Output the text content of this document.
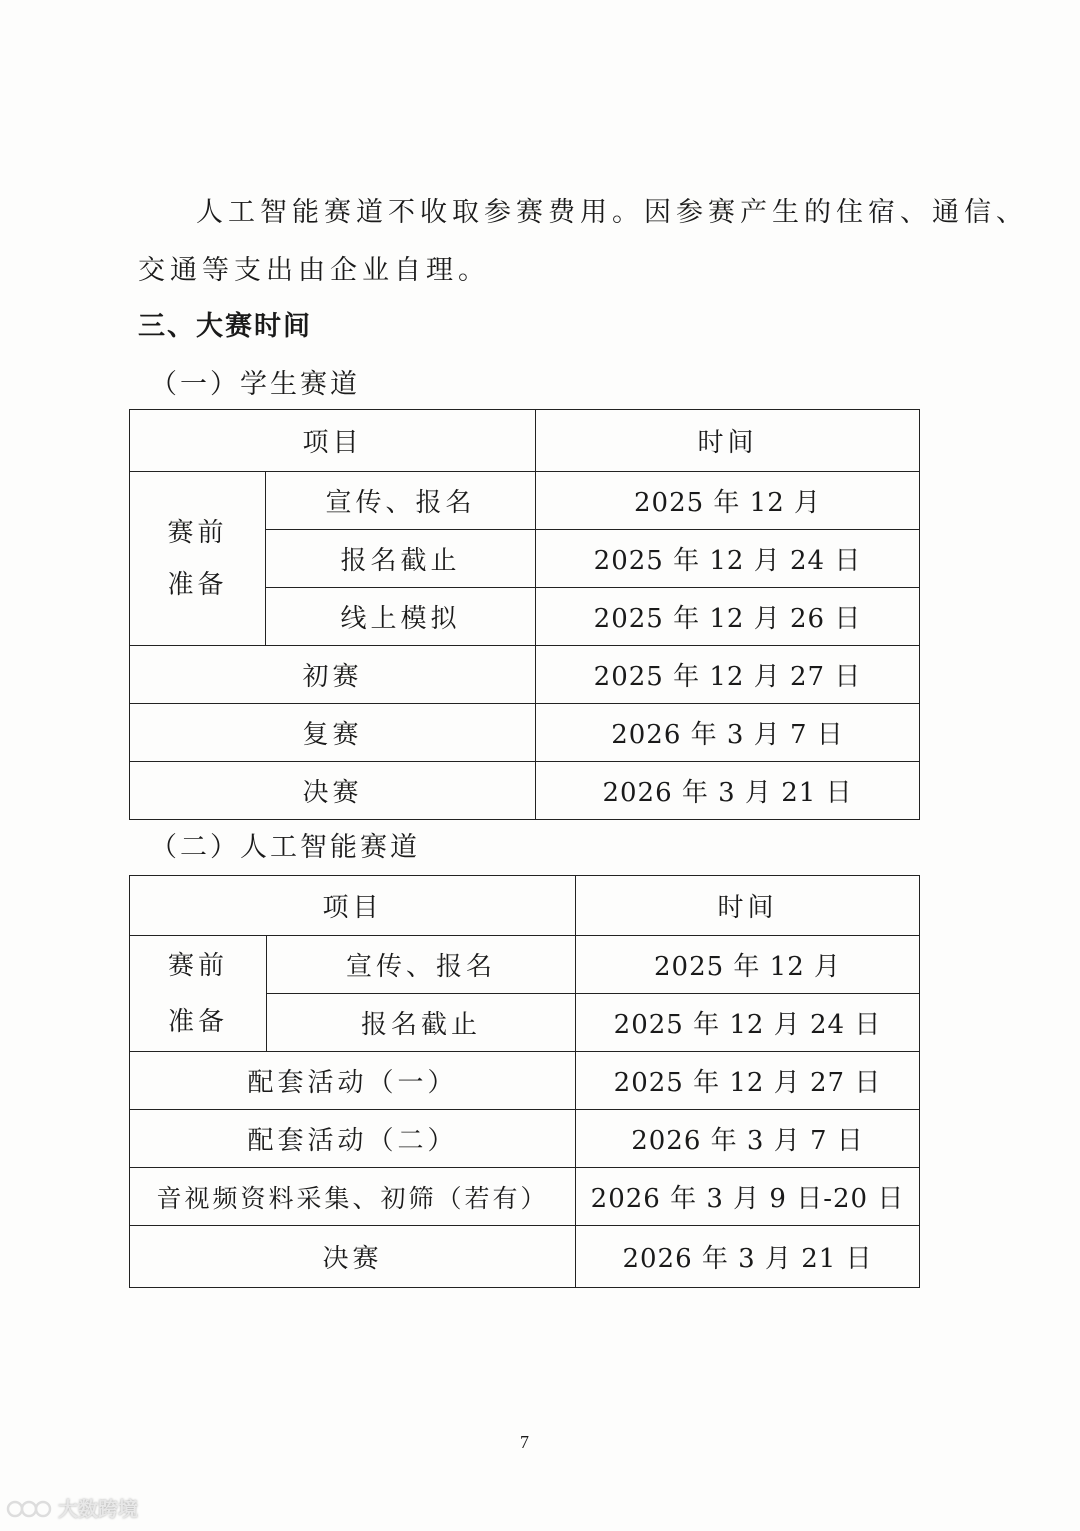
人工智能赛道不收取参赛费用。因参赛产生的住宿、通信、
交通等支出由企业自理。
三、大赛时间
（一）学生赛道
项目		时间
赛前
准备	宣传、报名	2025 年 12 月
	报名截止	2025 年 12 月 24 日
	线上模拟	2025 年 12 月 26 日
初赛		2025 年 12 月 27 日
复赛		2026 年 3 月 7 日
决赛		2026 年 3 月 21 日
（二）人工智能赛道
项目		时间
赛前
准备	宣传、报名	2025 年 12 月
	报名截止	2025 年 12 月 24 日
配套活动（一）		2025 年 12 月 27 日
配套活动（二）		2026 年 3 月 7 日
音视频资料采集、初筛（若有）		2026 年 3 月 9 日-20 日
决赛		2026 年 3 月 21 日
7
大数跨境
